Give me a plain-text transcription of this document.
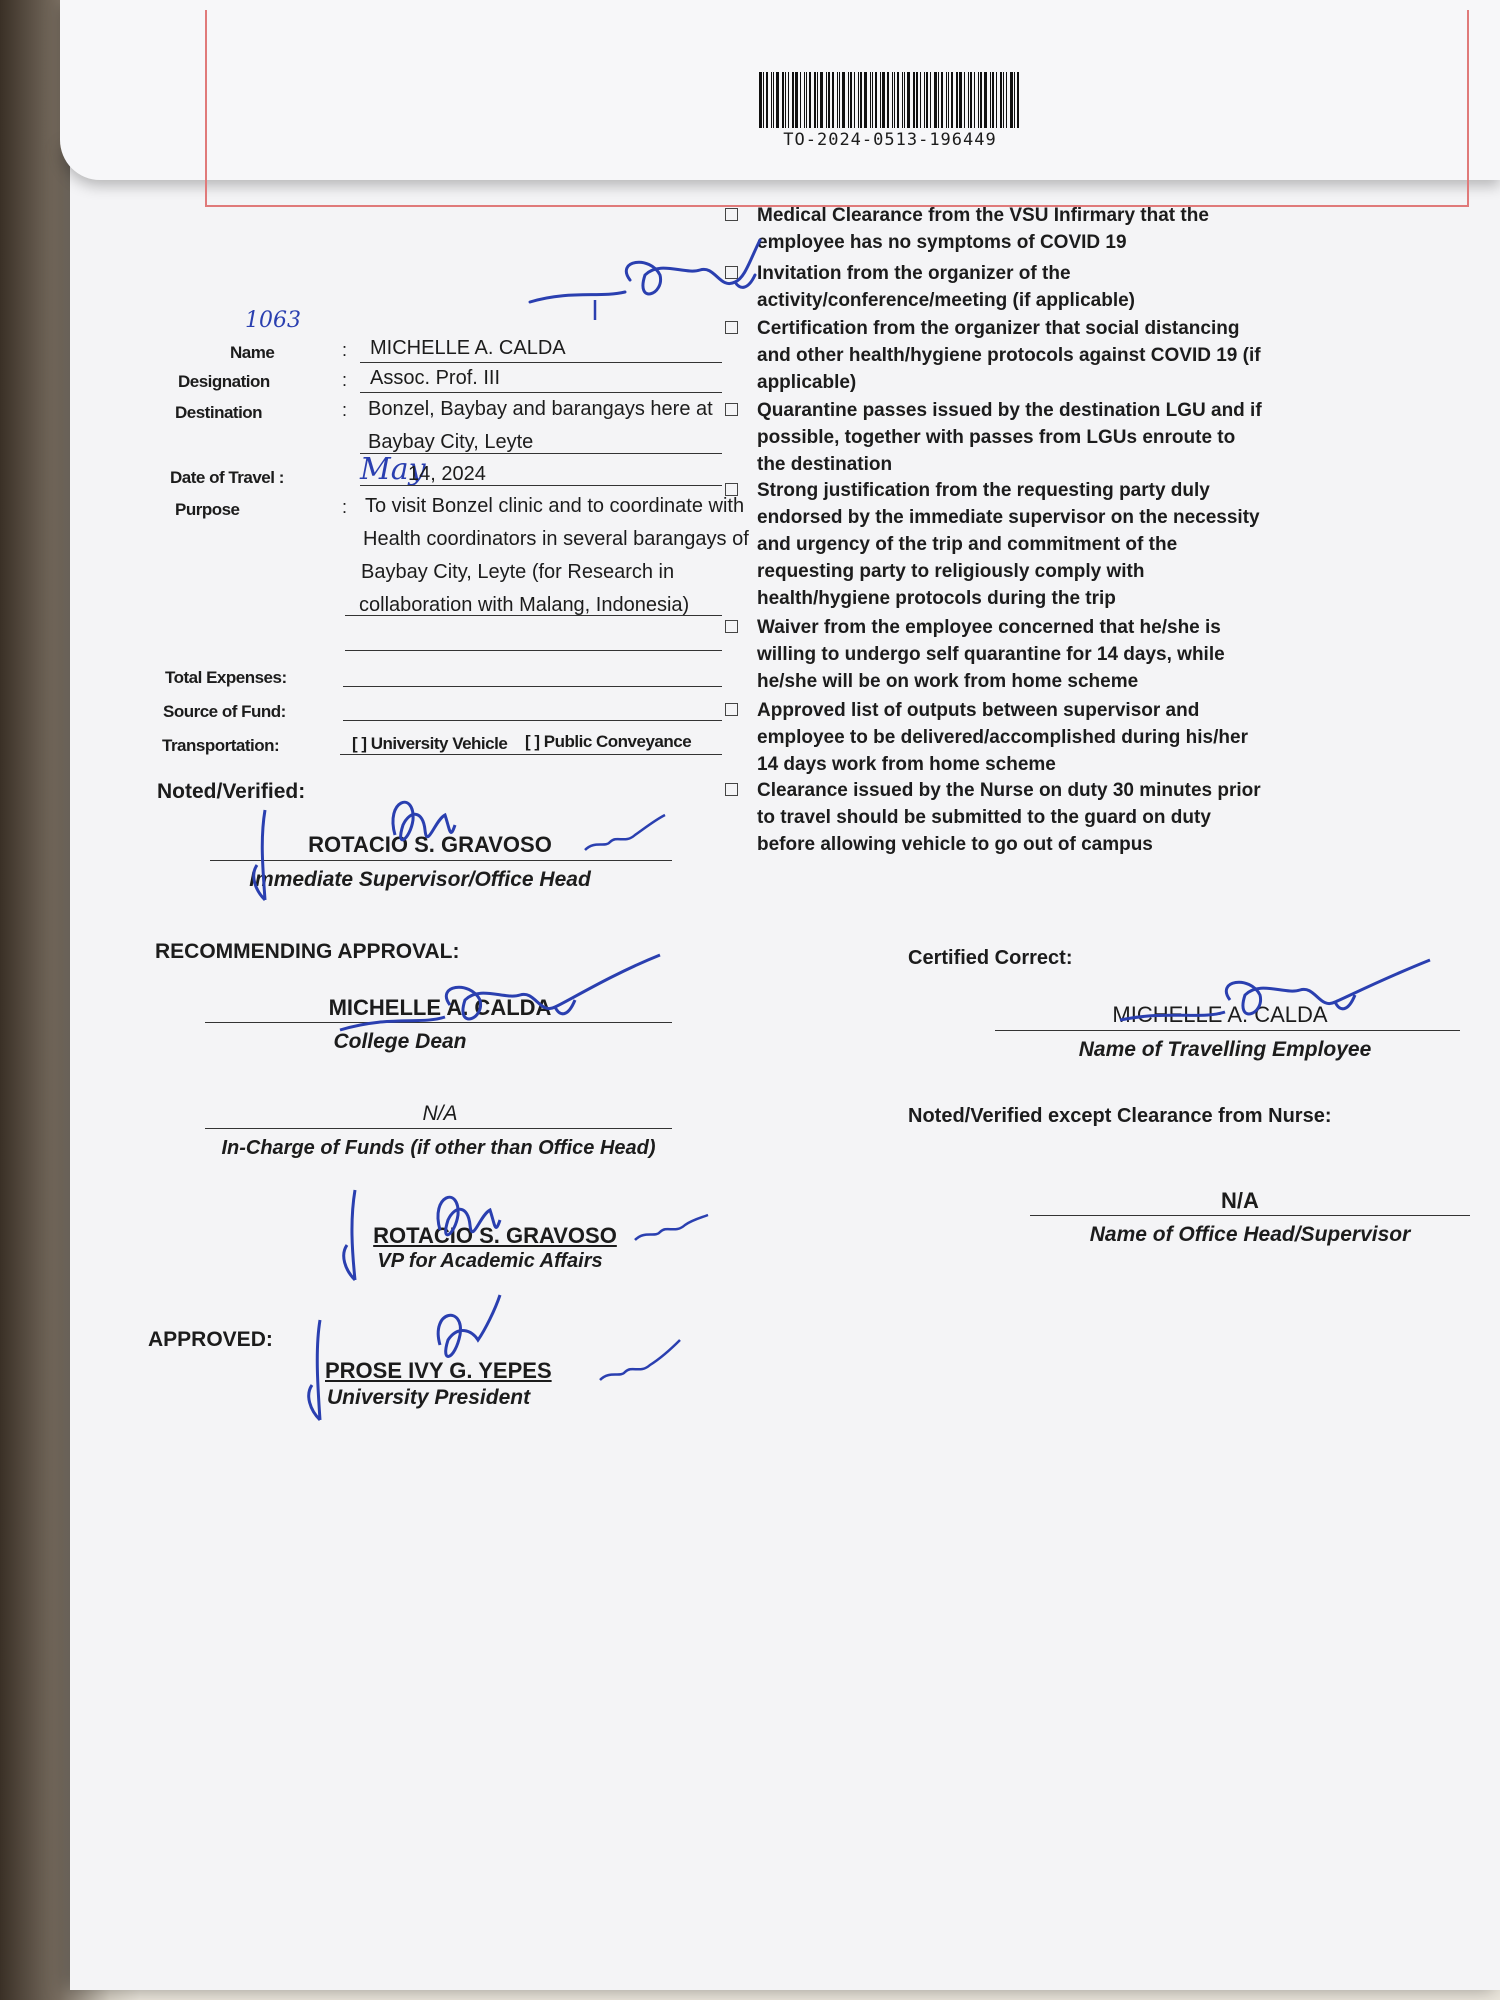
1063
Name	: MICHELLE A. CALDA
Designation	: Assoc. Prof. III
Destination	: Bonzel, Baybay and barangays here at
Baybay City, Leyte
Date of Travel :	May
14, 2024
Purpose	: To visit Bonzel clinic and to coordinate with
Health coordinators in several barangays of
Baybay City, Leyte (for Research in
collaboration with Malang, Indonesia)
Total Expenses:
Source of Fund:
Transportation:	[ ] University Vehicle [ ] Public Conveyance
Noted/Verified:
ROTACIO S. GRAVOSO
Immediate Supervisor/Office Head
RECOMMENDING APPROVAL:
MICHELLE A. CALDA
College Dean
N/A
In-Charge of Funds (if other than Office Head)
ROTACIO S. GRAVOSO
VP for Academic Affairs
APPROVED:
PROSE IVY G. YEPES
University President
Medical Clearance from the VSU Infirmary that the employee has no symptoms of COVID 19
Invitation from the organizer of the activity/conference/meeting (if applicable)
Certification from the organizer that social distancing and other health/hygiene protocols against COVID 19 (if applicable)
Quarantine passes issued by the destination LGU and if possible, together with passes from LGUs enroute to the destination
Strong justification from the requesting party duly endorsed by the immediate supervisor on the necessity and urgency of the trip and commitment of the requesting party to religiously comply with health/hygiene protocols during the trip
Waiver from the employee concerned that he/she is willing to undergo self quarantine for 14 days, while he/she will be on work from home scheme
Approved list of outputs between supervisor and employee to be delivered/accomplished during his/her 14 days work from home scheme
Clearance issued by the Nurse on duty 30 minutes prior to travel should be submitted to the guard on duty before allowing vehicle to go out of campus
Certified Correct:
MICHELLE A. CALDA
Name of Travelling Employee
Noted/Verified except Clearance from Nurse:
N/A
Name of Office Head/Supervisor
TO-2024-0513-196449
